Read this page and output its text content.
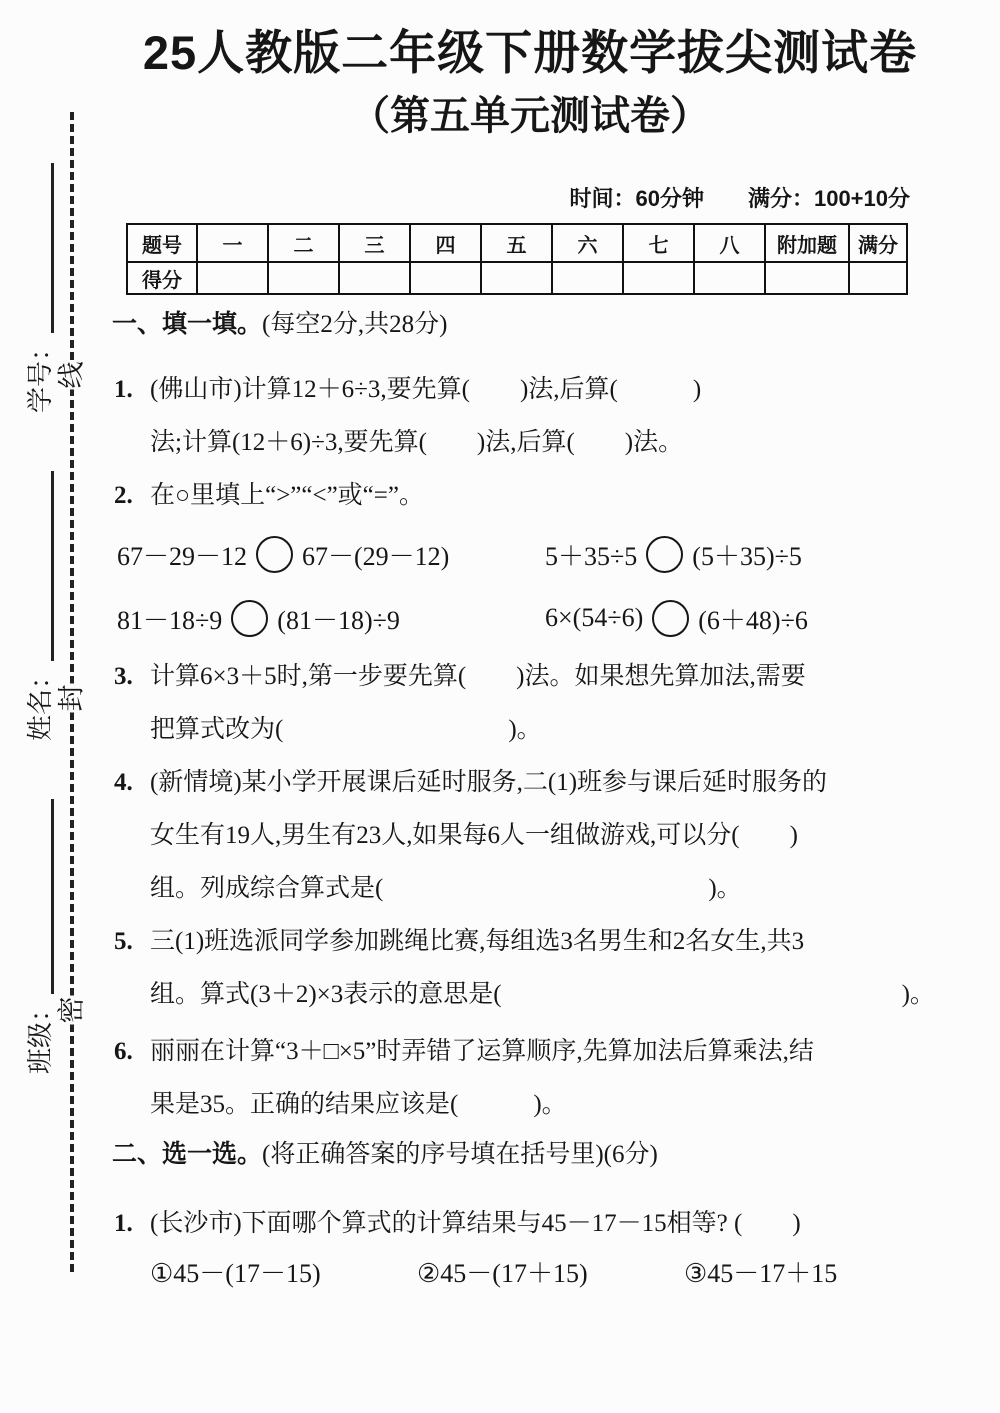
班级：
姓名：
学号： 线
封
密
25人教版二年级下册数学拔尖测试卷
（第五单元测试卷）
时间：60分钟 满分：100+10分
题号	一	二	三	四	五	六	七	八	附加题	满分
得分										
一、填一填。(每空2分,共28分)
1. (佛山市)计算12＋6÷3,要先算(　　)法,后算(　　　)
法;计算(12＋6)÷3,要先算(　　)法,后算(　　)法。
2. 在○里填上“>”“<”或“=”。
67－29－12 67－(29－12)	5＋35÷5 (5＋35)÷5
81－18÷9 (81－18)÷9	6×(54÷6) (6＋48)÷6
3. 计算6×3＋5时,第一步要先算(　　)法。如果想先算加法,需要
把算式改为(　　　　　　　　　)。
4. (新情境)某小学开展课后延时服务,二(1)班参与课后延时服务的
女生有19人,男生有23人,如果每6人一组做游戏,可以分(　　)
组。列成综合算式是(　　　　　　　　　　　　　)。
5. 三(1)班选派同学参加跳绳比赛,每组选3名男生和2名女生,共3
组。算式(3＋2)×3表示的意思是(　　　　　　　　　　　　　　　　)。
6. 丽丽在计算“3＋□×5”时弄错了运算顺序,先算加法后算乘法,结
果是35。正确的结果应该是(　　　)。
二、选一选。(将正确答案的序号填在括号里)(6分)
1. (长沙市)下面哪个算式的计算结果与45－17－15相等? (　　)
①45－(17－15)	②45－(17＋15)	③45－17＋15
